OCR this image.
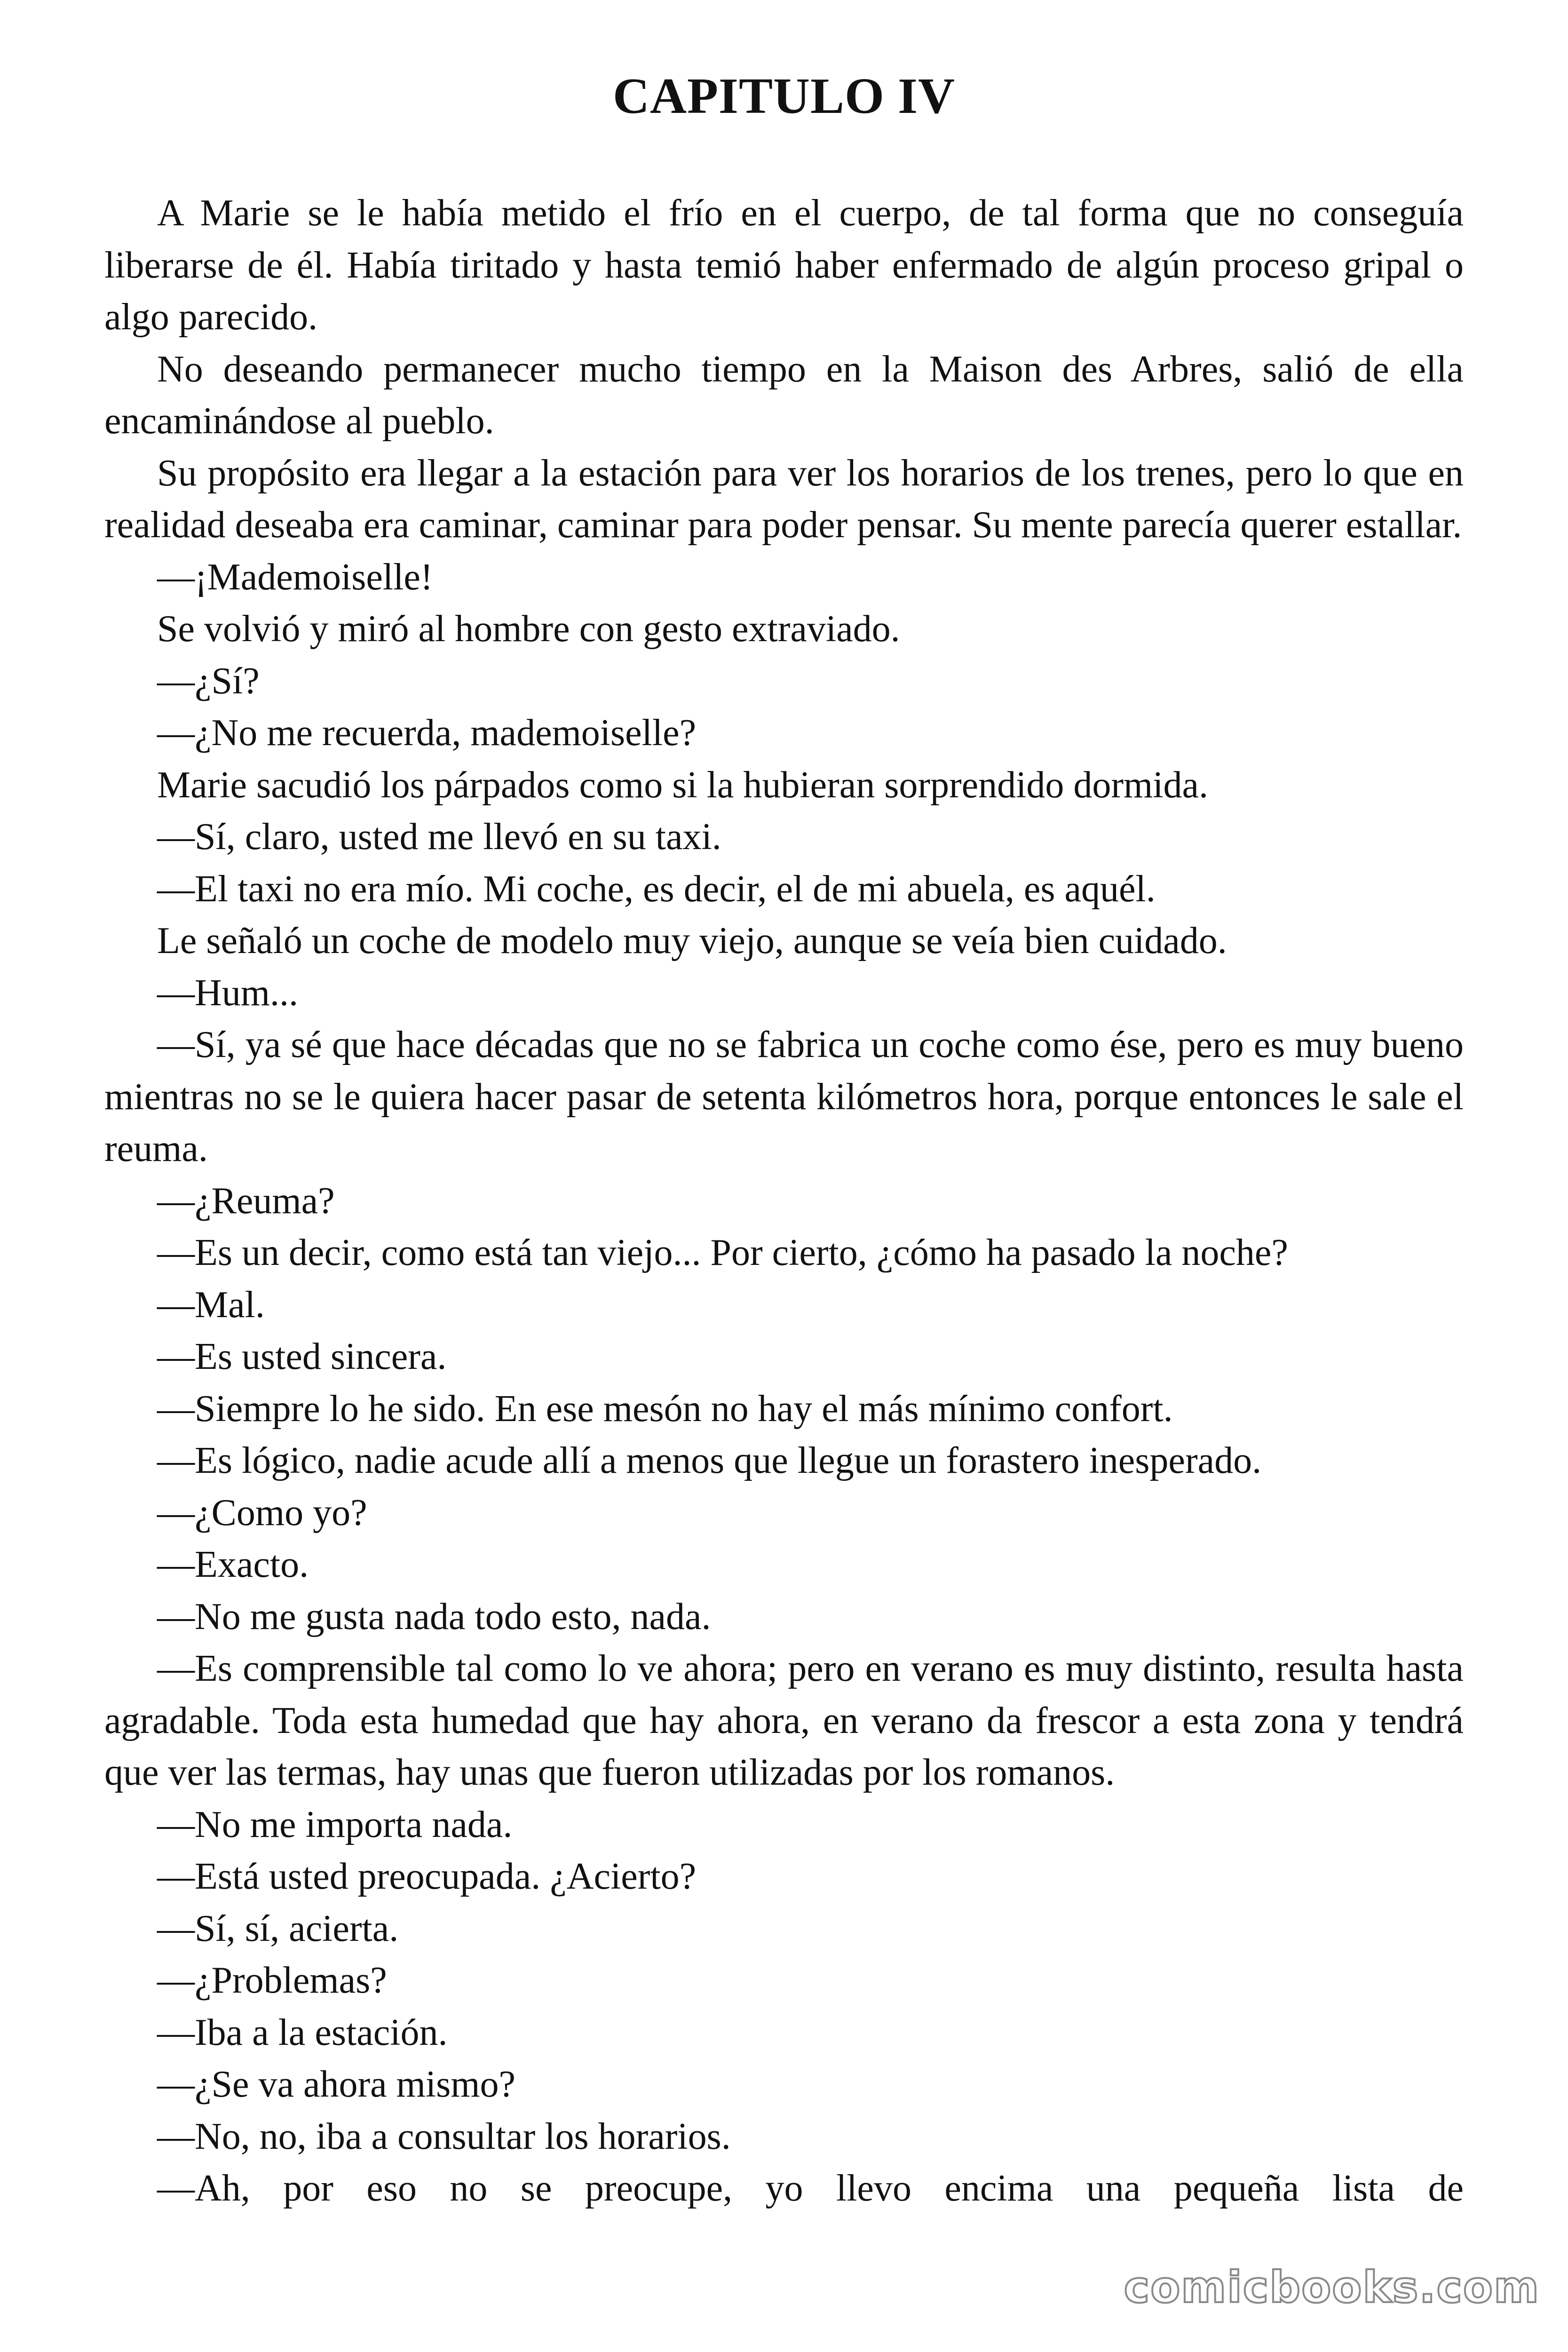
CAPITULO IV

A Marie se le había metido el frío en el cuerpo, de tal forma que no conseguía liberarse de él. Había tiritado y hasta temió haber enfermado de algún proceso gripal o algo parecido.

No deseando permanecer mucho tiempo en la Maison des Arbres, salió de ella encaminándose al pueblo.

Su propósito era llegar a la estación para ver los horarios de los trenes, pero lo que en realidad deseaba era caminar, caminar para poder pensar. Su mente parecía querer estallar.

—¡Mademoiselle!

Se volvió y miró al hombre con gesto extraviado.

—¿Sí?

—¿No me recuerda, mademoiselle?

Marie sacudió los párpados como si la hubieran sorprendido dormida.

—Sí, claro, usted me llevó en su taxi.

—El taxi no era mío. Mi coche, es decir, el de mi abuela, es aquél.

Le señaló un coche de modelo muy viejo, aunque se veía bien cuidado.

—Hum...

—Sí, ya sé que hace décadas que no se fabrica un coche como ése, pero es muy bueno mientras no se le quiera hacer pasar de setenta kilómetros hora, porque entonces le sale el reuma.

—¿Reuma?

—Es un decir, como está tan viejo... Por cierto, ¿cómo ha pasado la noche?

—Mal.

—Es usted sincera.

—Siempre lo he sido. En ese mesón no hay el más mínimo confort.

—Es lógico, nadie acude allí a menos que llegue un forastero inesperado.

—¿Como yo?

—Exacto.

—No me gusta nada todo esto, nada.

—Es comprensible tal como lo ve ahora; pero en verano es muy distinto, resulta hasta agradable. Toda esta humedad que hay ahora, en verano da frescor a esta zona y tendrá que ver las termas, hay unas que fueron utilizadas por los romanos.

—No me importa nada.

—Está usted preocupada. ¿Acierto?

—Sí, sí, acierta.

—¿Problemas?

—Iba a la estación.

—¿Se va ahora mismo?

—No, no, iba a consultar los horarios.

—Ah, por eso no se preocupe, yo llevo encima una pequeña lista de

comicbooks.com
